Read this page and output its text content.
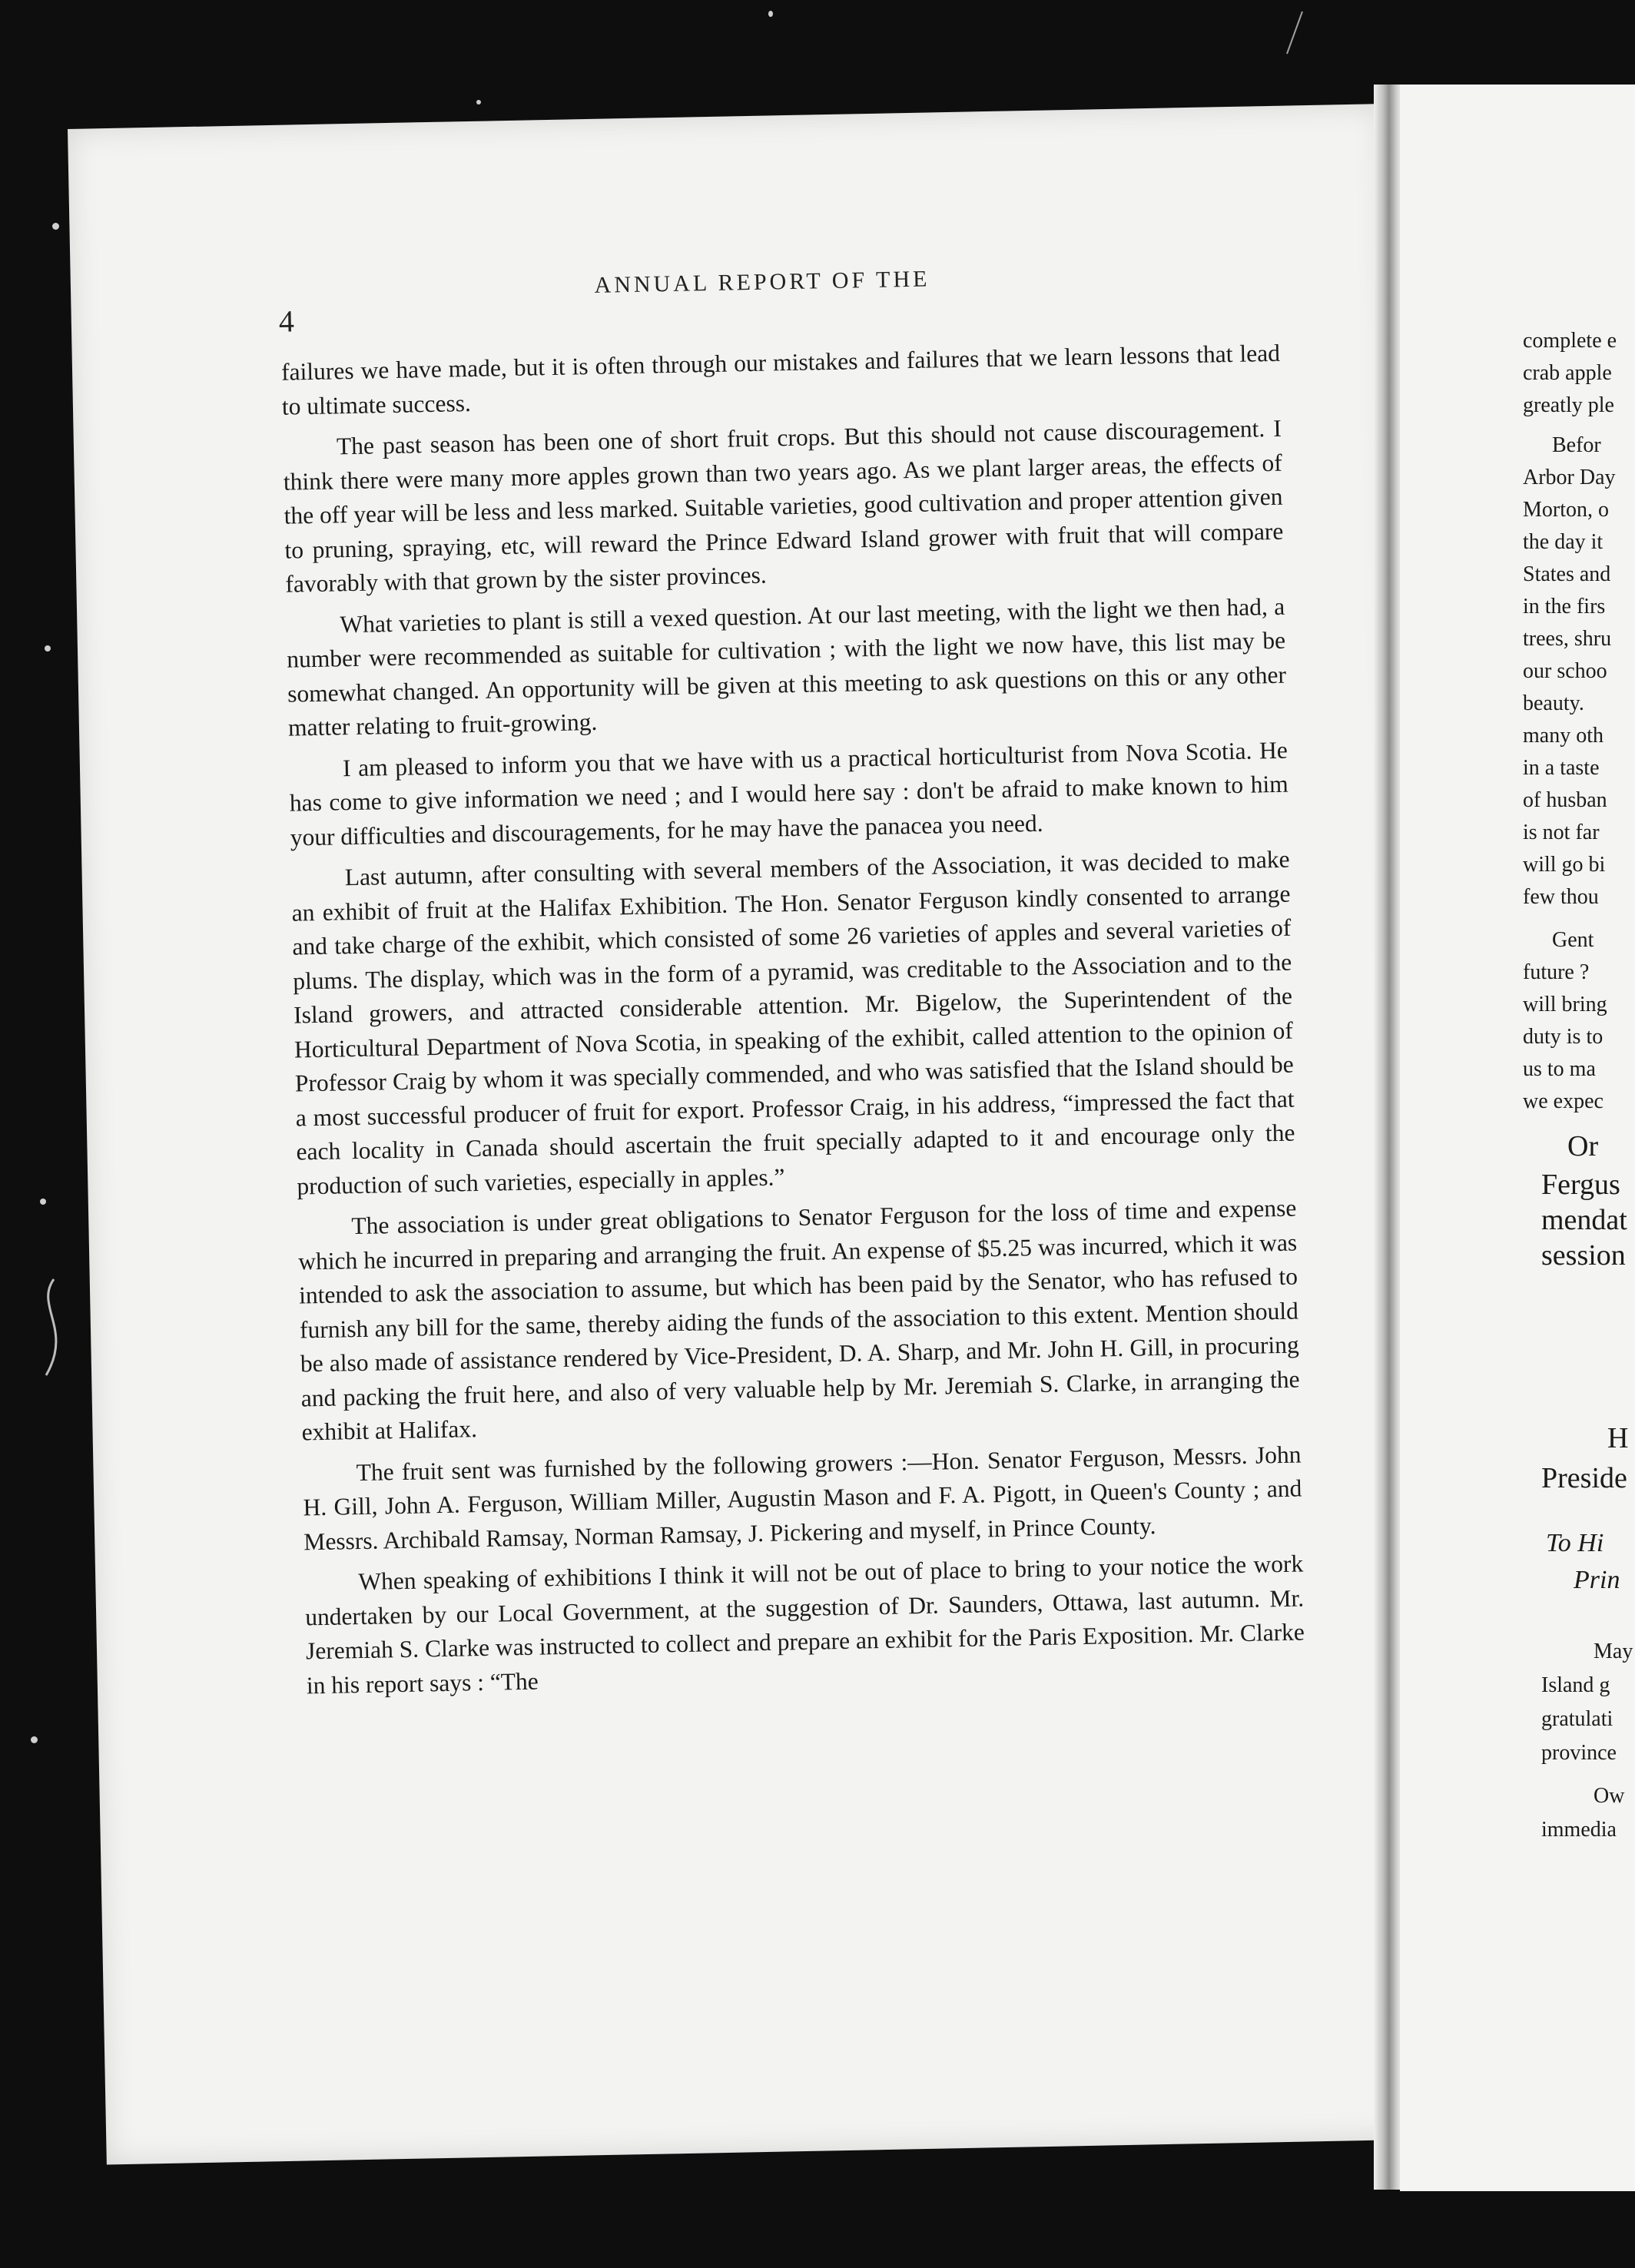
4
ANNUAL REPORT OF THE

failures we have made, but it is often through our mistakes and failures that we learn lessons that lead to ultimate success.

The past season has been one of short fruit crops. But this should not cause discouragement. I think there were many more apples grown than two years ago. As we plant larger areas, the effects of the off year will be less and less marked. Suitable varieties, good cultivation and proper attention given to pruning, spraying, etc, will reward the Prince Edward Island grower with fruit that will compare favorably with that grown by the sister provinces.

What varieties to plant is still a vexed question. At our last meeting, with the light we then had, a number were recommended as suitable for cultivation ; with the light we now have, this list may be somewhat changed. An opportunity will be given at this meeting to ask questions on this or any other matter relating to fruit-growing.

I am pleased to inform you that we have with us a practical horticulturist from Nova Scotia. He has come to give information we need ; and I would here say : don't be afraid to make known to him your difficulties and discouragements, for he may have the panacea you need.

Last autumn, after consulting with several members of the Association, it was decided to make an exhibit of fruit at the Halifax Exhibition. The Hon. Senator Ferguson kindly consented to arrange and take charge of the exhibit, which consisted of some 26 varieties of apples and several varieties of plums. The display, which was in the form of a pyramid, was creditable to the Association and to the Island growers, and attracted considerable attention. Mr. Bigelow, the Superintendent of the Horticultural Department of Nova Scotia, in speaking of the exhibit, called attention to the opinion of Professor Craig by whom it was specially commended, and who was satisfied that the Island should be a most successful producer of fruit for export. Professor Craig, in his address, “impressed the fact that each locality in Canada should ascertain the fruit specially adapted to it and encourage only the production of such varieties, especially in apples.”

The association is under great obligations to Senator Ferguson for the loss of time and expense which he incurred in preparing and arranging the fruit. An expense of $5.25 was incurred, which it was intended to ask the association to assume, but which has been paid by the Senator, who has refused to furnish any bill for the same, thereby aiding the funds of the association to this extent. Mention should be also made of assistance rendered by Vice-President, D. A. Sharp, and Mr. John H. Gill, in procuring and packing the fruit here, and also of very valuable help by Mr. Jeremiah S. Clarke, in arranging the exhibit at Halifax.

The fruit sent was furnished by the following growers :—Hon. Senator Ferguson, Messrs. John H. Gill, John A. Ferguson, William Miller, Augustin Mason and F. A. Pigott, in Queen's County ; and Messrs. Archibald Ramsay, Norman Ramsay, J. Pickering and myself, in Prince County.

When speaking of exhibitions I think it will not be out of place to bring to your notice the work undertaken by our Local Government, at the suggestion of Dr. Saunders, Ottawa, last autumn. Mr. Jeremiah S. Clarke was instructed to collect and prepare an exhibit for the Paris Exposition. Mr. Clarke in his report says : “The

complete e
crab apple
greatly ple
Befor
Arbor Day
Morton, o
the day it
States and
in the firs
trees, shru
our schoo
beauty.
many oth
in a taste
of husban
is not far
will go bi
few thou
Gent
future ?
will bring
duty is to
us to ma
we expec
Or
Fergus
mendat
session
H
Preside
To Hi
Prin
May
Island g
gratulati
province
Ow
immedia
